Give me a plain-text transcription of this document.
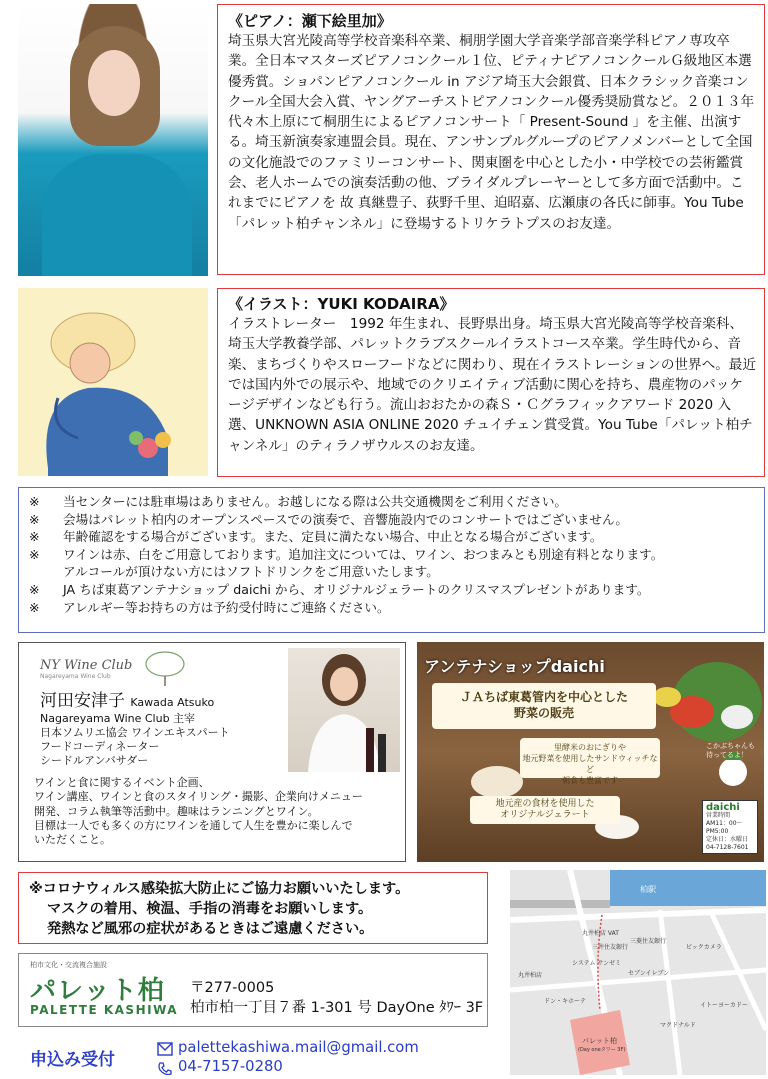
《ピアノ：瀬下絵里加》
埼玉県大宮光陵高等学校音楽科卒業、桐朋学園大学音楽学部音楽学科ピアノ専攻卒業。全日本マスターズピアノコンクール１位、ピティナピアノコンクールＧ級地区本選優秀賞。ショパンピアノコンクール in アジア埼玉大会銀賞、日本クラシック音楽コンクール全国大会入賞、ヤングアーチストピアノコンクール優秀奨励賞など。２０１３年代々木上原にて桐朋生によるピアノコンサート「 Present-Sound 」を主催、出演する。埼玉新演奏家連盟会員。現在、アンサンブルグループのピアノメンバーとして全国の文化施設でのファミリーコンサート、関東圏を中心とした小・中学校での芸術鑑賞会、老人ホームでの演奏活動の他、ブライダルプレーヤーとして多方面で活動中。これまでにピアノを 故 真継豊子、荻野千里、迫昭嘉、広瀬康の各氏に師事。You Tube「パレット柏チャンネル」に登場するトリケラトプスのお友達。
《イラスト：YUKI KODAIRA》
イラストレーター　1992 年生まれ、長野県出身。埼玉県大宮光陵高等学校音楽科、埼玉大学教養学部、パレットクラブスクールイラストコース卒業。学生時代から、音楽、まちづくりやスローフードなどに関わり、現在イラストレーションの世界へ。最近では国内外での展示や、地域でのクリエイティブ活動に関心を持ち、農産物のパッケージデザインなども行う。流山おおたかの森Ｓ・Ｃグラフィックアワード 2020 入選、UNKNOWN ASIA ONLINE 2020 チュイチェン賞受賞。You Tube「パレット柏チャンネル」のティラノザウルスのお友達。
※	当センターには駐車場はありません。お越しになる際は公共交通機関をご利用ください。
※	会場はパレット柏内のオープンスペースでの演奏で、音響施設内でのコンサートではございません。
※	年齢確認をする場合がございます。また、定員に満たない場合、中止となる場合がございます。
※	ワインは赤、白をご用意しております。追加注文については、ワイン、おつまみとも別途有料となります。
アルコールが頂けない方にはソフトドリンクをご用意いたします。
※	JA ちば東葛アンテナショップ daichi から、オリジナルジェラートのクリスマスプレゼントがあります。
※	アレルギー等お持ちの方は予約受付時にご連絡ください。
NY Wine Club
Nagareyama Wine Club
河田安津子 Kawada Atsuko
Nagareyama Wine Club 主宰
日本ソムリエ協会 ワインエキスパート
フードコーディネーター
シードルアンバサダー
ワインと食に関するイベント企画、
ワイン講座、ワインと食のスタイリング・撮影、企業向けメニュー
開発、コラム執筆等活動中。趣味はランニングとワイン。
目標は一人でも多くの方にワインを通して人生を豊かに楽しんで
いただくこと。
アンテナショップdaichi
ＪＡちば東葛管内を中心とした
野菜の販売
里酵米のおにぎりや
地元野菜を使用したサンドウィッチなど
朝食も豊富です
地元産の食材を使用した
オリジナルジェラート
こかぶちゃんも
待ってるよ！
daichi
営業時間
AM11：00～PM5:00
定休日：水曜日
04-7128-7601
※コロナウィルス感染拡大防止にご協力お願いいたします。
マスクの着用、検温、手指の消毒をお願いします。
発熱など風邪の症状があるときはご遠慮ください。
柏市文化・交流複合施設
パレット柏
PALETTE KASHIWA
〒277-0005
柏市柏一丁目７番 1-301 号 DayOne ﾀﾜｰ 3F
申込み受付
palettekashiwa.mail@gmail.com
04-7157-0280
柏駅
丸井柏店 VAT
三井住友銀行
三菱住友銀行
ビックカメラ
システム サンゼミ
セブンイレブン
丸井柏店
ドン・キホーテ
イトーヨーカドー
マクドナルド
パレット柏
(Day oneタワー 3F)
